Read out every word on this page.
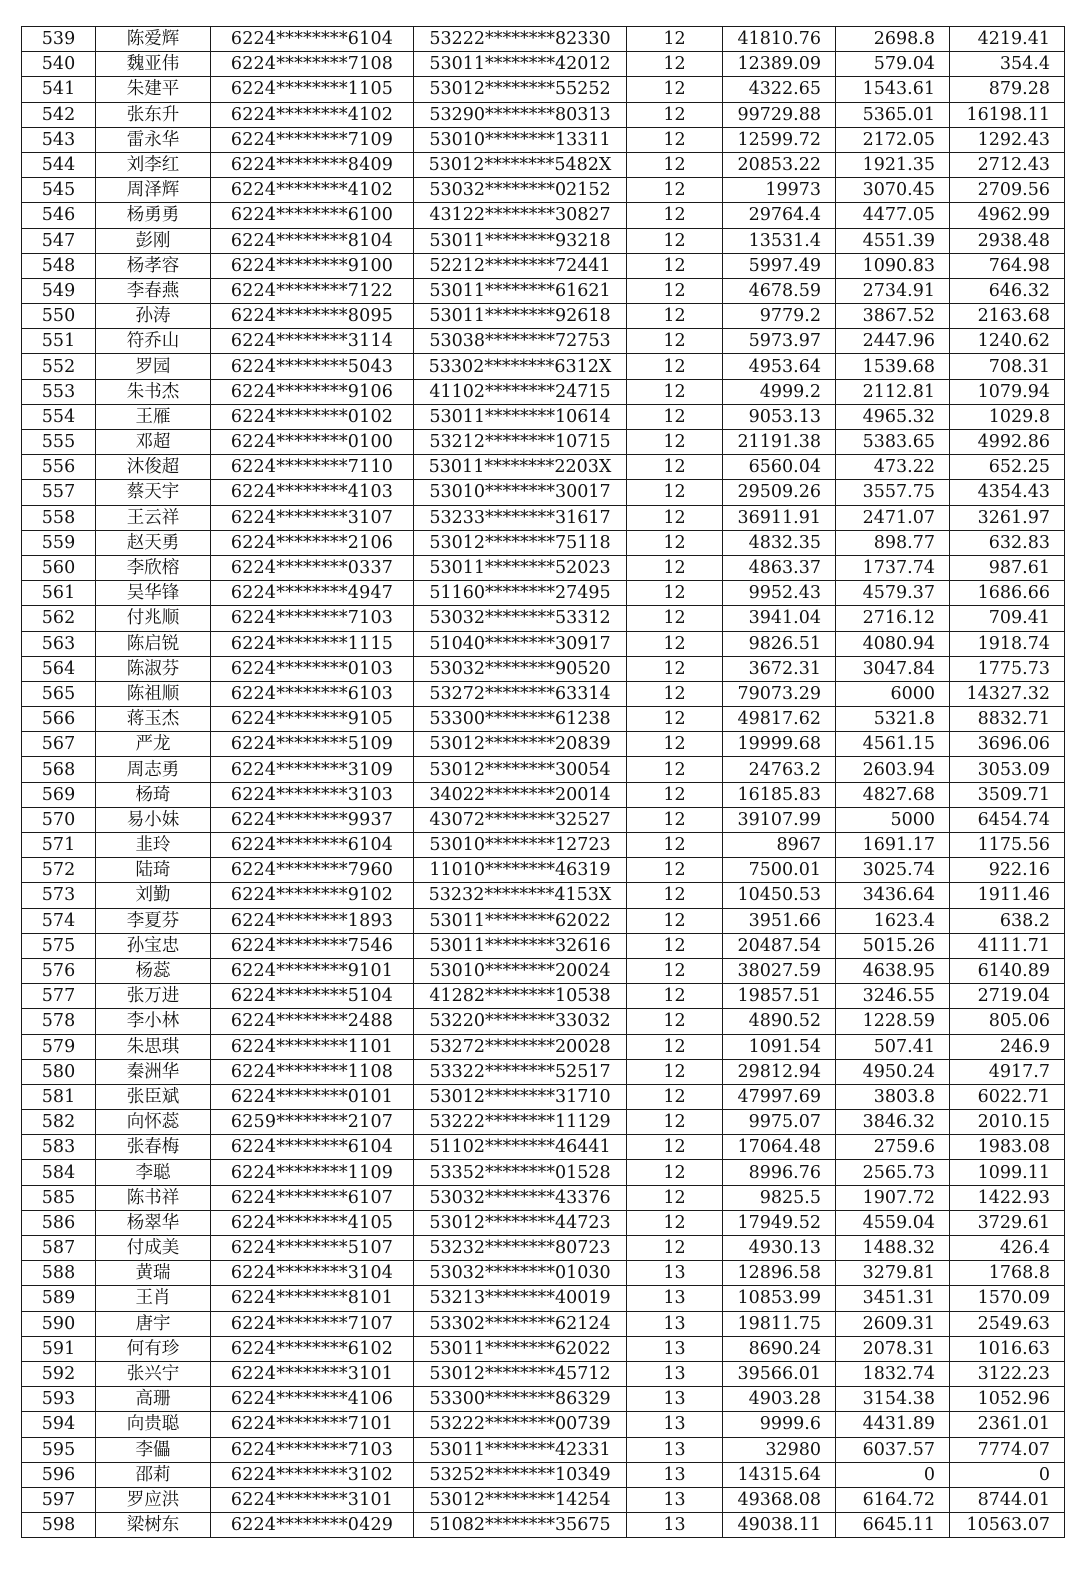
539	陈爱辉	6224********6104	53222********82330	12	41810.76	2698.8	4219.41
540	魏亚伟	6224********7108	53011********42012	12	12389.09	579.04	354.4
541	朱建平	6224********1105	53012********55252	12	4322.65	1543.61	879.28
542	张东升	6224********4102	53290********80313	12	99729.88	5365.01	16198.11
543	雷永华	6224********7109	53010********13311	12	12599.72	2172.05	1292.43
544	刘李红	6224********8409	53012********5482X	12	20853.22	1921.35	2712.43
545	周泽辉	6224********4102	53032********02152	12	19973	3070.45	2709.56
546	杨勇勇	6224********6100	43122********30827	12	29764.4	4477.05	4962.99
547	彭刚	6224********8104	53011********93218	12	13531.4	4551.39	2938.48
548	杨孝容	6224********9100	52212********72441	12	5997.49	1090.83	764.98
549	李春燕	6224********7122	53011********61621	12	4678.59	2734.91	646.32
550	孙涛	6224********8095	53011********92618	12	9779.2	3867.52	2163.68
551	符乔山	6224********3114	53038********72753	12	5973.97	2447.96	1240.62
552	罗园	6224********5043	53302********6312X	12	4953.64	1539.68	708.31
553	朱书杰	6224********9106	41102********24715	12	4999.2	2112.81	1079.94
554	王雁	6224********0102	53011********10614	12	9053.13	4965.32	1029.8
555	邓超	6224********0100	53212********10715	12	21191.38	5383.65	4992.86
556	沐俊超	6224********7110	53011********2203X	12	6560.04	473.22	652.25
557	蔡天宇	6224********4103	53010********30017	12	29509.26	3557.75	4354.43
558	王云祥	6224********3107	53233********31617	12	36911.91	2471.07	3261.97
559	赵天勇	6224********2106	53012********75118	12	4832.35	898.77	632.83
560	李欣榕	6224********0337	53011********52023	12	4863.37	1737.74	987.61
561	吴华锋	6224********4947	51160********27495	12	9952.43	4579.37	1686.66
562	付兆顺	6224********7103	53032********53312	12	3941.04	2716.12	709.41
563	陈启锐	6224********1115	51040********30917	12	9826.51	4080.94	1918.74
564	陈淑芬	6224********0103	53032********90520	12	3672.31	3047.84	1775.73
565	陈祖顺	6224********6103	53272********63314	12	79073.29	6000	14327.32
566	蒋玉杰	6224********9105	53300********61238	12	49817.62	5321.8	8832.71
567	严龙	6224********5109	53012********20839	12	19999.68	4561.15	3696.06
568	周志勇	6224********3109	53012********30054	12	24763.2	2603.94	3053.09
569	杨琦	6224********3103	34022********20014	12	16185.83	4827.68	3509.71
570	易小妹	6224********9937	43072********32527	12	39107.99	5000	6454.74
571	韭玲	6224********6104	53010********12723	12	8967	1691.17	1175.56
572	陆琦	6224********7960	11010********46319	12	7500.01	3025.74	922.16
573	刘勤	6224********9102	53232********4153X	12	10450.53	3436.64	1911.46
574	李夏芬	6224********1893	53011********62022	12	3951.66	1623.4	638.2
575	孙宝忠	6224********7546	53011********32616	12	20487.54	5015.26	4111.71
576	杨蕊	6224********9101	53010********20024	12	38027.59	4638.95	6140.89
577	张万进	6224********5104	41282********10538	12	19857.51	3246.55	2719.04
578	李小林	6224********2488	53220********33032	12	4890.52	1228.59	805.06
579	朱思琪	6224********1101	53272********20028	12	1091.54	507.41	246.9
580	秦洲华	6224********1108	53322********52517	12	29812.94	4950.24	4917.7
581	张臣斌	6224********0101	53012********31710	12	47997.69	3803.8	6022.71
582	向怀蕊	6259********2107	53222********11129	12	9975.07	3846.32	2010.15
583	张春梅	6224********6104	51102********46441	12	17064.48	2759.6	1983.08
584	李聪	6224********1109	53352********01528	12	8996.76	2565.73	1099.11
585	陈书祥	6224********6107	53032********43376	12	9825.5	1907.72	1422.93
586	杨翠华	6224********4105	53012********44723	12	17949.52	4559.04	3729.61
587	付成美	6224********5107	53232********80723	12	4930.13	1488.32	426.4
588	黄瑞	6224********3104	53032********01030	13	12896.58	3279.81	1768.8
589	王肖	6224********8101	53213********40019	13	10853.99	3451.31	1570.09
590	唐宇	6224********7107	53302********62124	13	19811.75	2609.31	2549.63
591	何有珍	6224********6102	53011********62022	13	8690.24	2078.31	1016.63
592	张兴宁	6224********3101	53012********45712	13	39566.01	1832.74	3122.23
593	高珊	6224********4106	53300********86329	13	4903.28	3154.38	1052.96
594	向贵聪	6224********7101	53222********00739	13	9999.6	4431.89	2361.01
595	李儡	6224********7103	53011********42331	13	32980	6037.57	7774.07
596	邵莉	6224********3102	53252********10349	13	14315.64	0	0
597	罗应洪	6224********3101	53012********14254	13	49368.08	6164.72	8744.01
598	梁树东	6224********0429	51082********35675	13	49038.11	6645.11	10563.07
